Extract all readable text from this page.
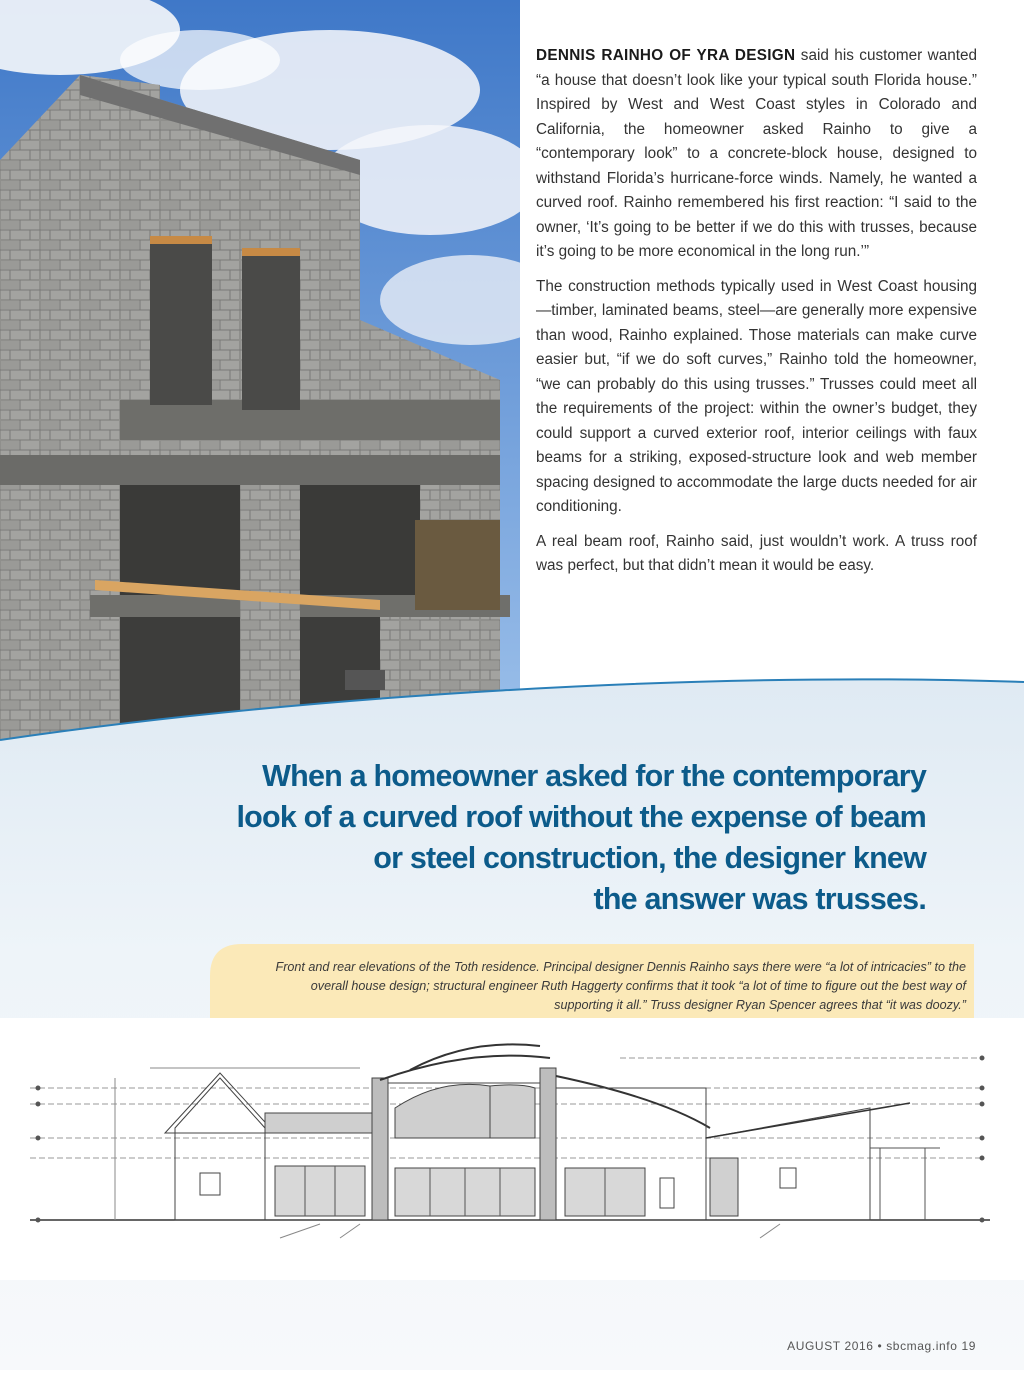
DENNIS RAINHO OF YRA DESIGN said his customer wanted “a house that doesn’t look like your typical south Florida house.” Inspired by West and West Coast styles in Colorado and California, the homeowner asked Rainho to give a “contemporary look” to a concrete-block house, designed to withstand Florida’s hurricane-force winds. Namely, he wanted a curved roof. Rainho remembered his first reaction: “I said to the owner, ‘It’s going to be better if we do this with trusses, because it’s going to be more economical in the long run.’”

The construction methods typically used in West Coast housing—timber, laminated beams, steel—are generally more expensive than wood, Rainho explained. Those materials can make curve easier but, “if we do soft curves,” Rainho told the homeowner, “we can probably do this using trusses.” Trusses could meet all the requirements of the project: within the owner’s budget, they could support a curved exterior roof, interior ceilings with faux beams for a striking, exposed-structure look and web member spacing designed to accommodate the large ducts needed for air conditioning.

A real beam roof, Rainho said, just wouldn’t work. A truss roof was perfect, but that didn’t mean it would be easy.

When a homeowner asked for the contemporary
look of a curved roof without the expense of beam
or steel construction, the designer knew
the answer was trusses.
Front and rear elevations of the Toth residence. Principal designer Dennis Rainho says there were “a lot of intricacies” to the overall house design; structural engineer Ruth Haggerty confirms that it took “a lot of time to figure out the best way of supporting it all.” Truss designer Ryan Spencer agrees that “it was doozy.”
AUGUST 2016 • sbcmag.info 19
